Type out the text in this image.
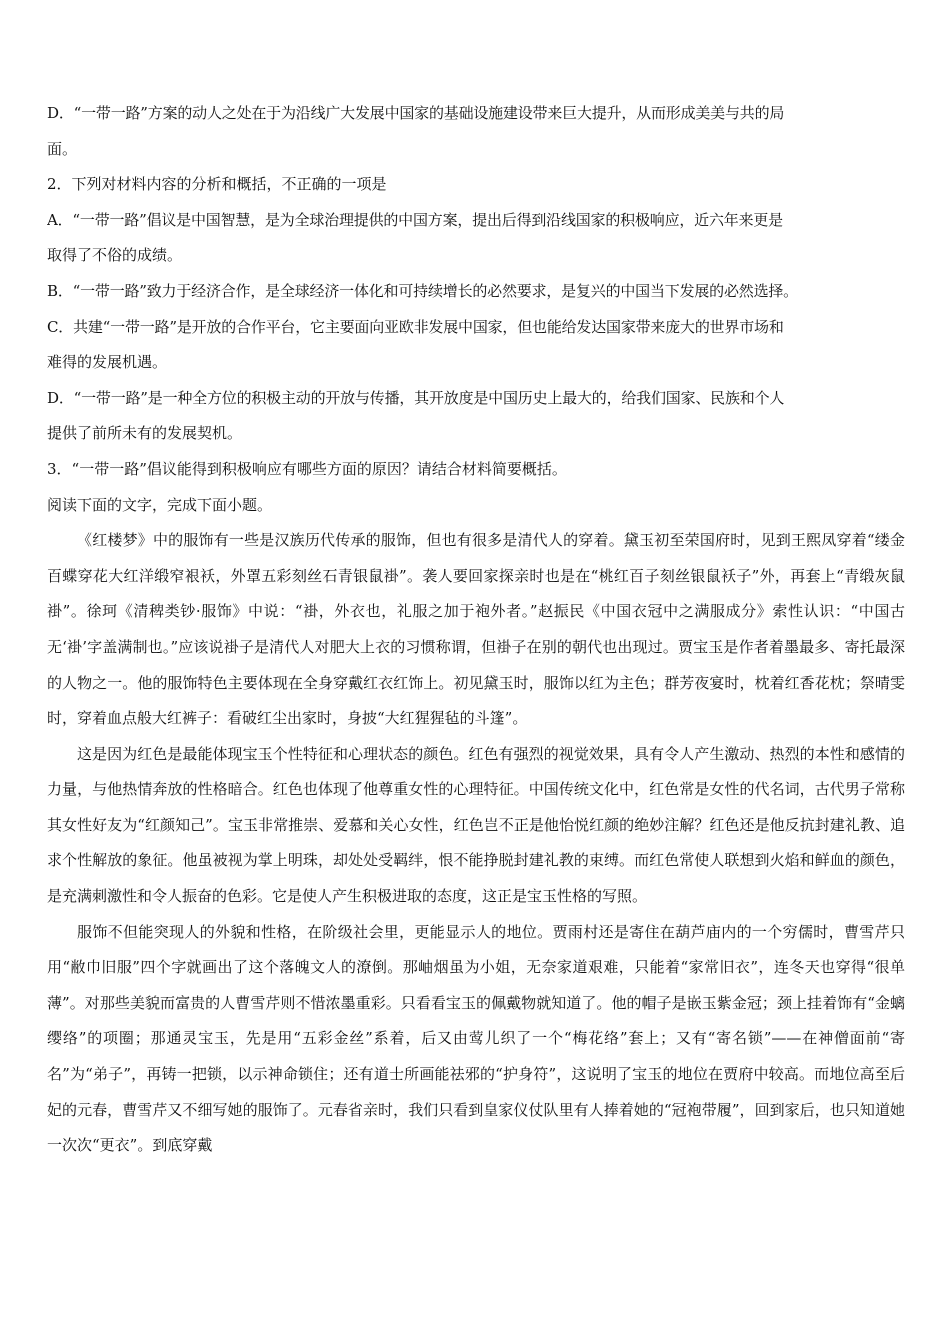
D．“一带一路”方案的动人之处在于为沿线广大发展中国家的基础设施建设带来巨大提升，从而形成美美与共的局
面。
2．下列对材料内容的分析和概括，不正确的一项是
A．“一带一路”倡议是中国智慧，是为全球治理提供的中国方案，提出后得到沿线国家的积极响应，近六年来更是
取得了不俗的成绩。
B．“一带一路”致力于经济合作，是全球经济一体化和可持续增长的必然要求，是复兴的中国当下发展的必然选择。
C．共建“一带一路”是开放的合作平台，它主要面向亚欧非发展中国家，但也能给发达国家带来庞大的世界市场和
难得的发展机遇。
D．“一带一路”是一种全方位的积极主动的开放与传播，其开放度是中国历史上最大的，给我们国家、民族和个人
提供了前所未有的发展契机。
3．“一带一路”倡议能得到积极响应有哪些方面的原因？请结合材料简要概括。
阅读下面的文字，完成下面小题。

《红楼梦》中的服饰有一些是汉族历代传承的服饰，但也有很多是清代人的穿着。黛玉初至荣国府时，见到王熙凤穿着“缕金百蝶穿花大红洋缎窄裉袄，外罩五彩刻丝石青银鼠褂”。袭人要回家探亲时也是在“桃红百子刻丝银鼠袄子”外，再套上“青缎灰鼠褂”。徐珂《清稗类钞·服饰》中说：“褂，外衣也，礼服之加于袍外者。”赵振民《中国衣冠中之满服成分》索性认识：“中国古无‘褂’字盖满制也。”应该说褂子是清代人对肥大上衣的习惯称谓，但褂子在别的朝代也出现过。贾宝玉是作者着墨最多、寄托最深的人物之一。他的服饰特色主要体现在全身穿戴红衣红饰上。初见黛玉时，服饰以红为主色；群芳夜宴时，枕着红香花枕；祭晴雯时，穿着血点般大红裤子：看破红尘出家时，身披“大红猩猩毡的斗篷”。

这是因为红色是最能体现宝玉个性特征和心理状态的颜色。红色有强烈的视觉效果，具有令人产生激动、热烈的本性和感情的力量，与他热情奔放的性格暗合。红色也体现了他尊重女性的心理特征。中国传统文化中，红色常是女性的代名词，古代男子常称其女性好友为“红颜知己”。宝玉非常推崇、爱慕和关心女性，红色岂不正是他怡悦红颜的绝妙注解？红色还是他反抗封建礼教、追求个性解放的象征。他虽被视为掌上明珠，却处处受羁绊，恨不能挣脱封建礼教的束缚。而红色常使人联想到火焰和鲜血的颜色，是充满刺激性和令人振奋的色彩。它是使人产生积极进取的态度，这正是宝玉性格的写照。

服饰不但能突现人的外貌和性格，在阶级社会里，更能显示人的地位。贾雨村还是寄住在葫芦庙内的一个穷儒时，曹雪芹只用“敝巾旧服”四个字就画出了这个落魄文人的潦倒。那岫烟虽为小姐，无奈家道艰难，只能着“家常旧衣”，连冬天也穿得“很单薄”。对那些美貌而富贵的人曹雪芹则不惜浓墨重彩。只看看宝玉的佩戴物就知道了。他的帽子是嵌玉紫金冠；颈上挂着饰有“金螭缨络”的项圈；那通灵宝玉，先是用“五彩金丝”系着，后又由莺儿织了一个“梅花络”套上；又有“寄名锁”——在神僧面前“寄名”为“弟子”，再铸一把锁，以示神命锁住；还有道士所画能祛邪的“护身符”，这说明了宝玉的地位在贾府中较高。而地位高至后妃的元春，曹雪芹又不细写她的服饰了。元春省亲时，我们只看到皇家仪仗队里有人捧着她的“冠袍带履”，回到家后，也只知道她一次次“更衣”。到底穿戴
